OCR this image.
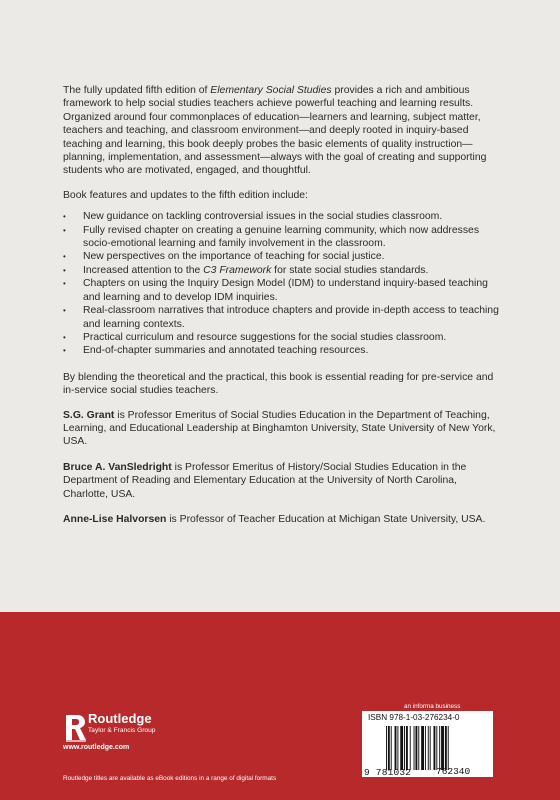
The fully updated fifth edition of Elementary Social Studies provides a rich and ambitious framework to help social studies teachers achieve powerful teaching and learning results. Organized around four commonplaces of education—learners and learning, subject matter, teachers and teaching, and classroom environment—and deeply rooted in inquiry-based teaching and learning, this book deeply probes the basic elements of quality instruction—planning, implementation, and assessment—always with the goal of creating and supporting students who are motivated, engaged, and thoughtful.

Book features and updates to the fifth edition include:

• New guidance on tackling controversial issues in the social studies classroom.
• Fully revised chapter on creating a genuine learning community, which now addresses socio-emotional learning and family involvement in the classroom.
• New perspectives on the importance of teaching for social justice.
• Increased attention to the C3 Framework for state social studies standards.
• Chapters on using the Inquiry Design Model (IDM) to understand inquiry-based teaching and learning and to develop IDM inquiries.
• Real-classroom narratives that introduce chapters and provide in-depth access to teaching and learning contexts.
• Practical curriculum and resource suggestions for the social studies classroom.
• End-of-chapter summaries and annotated teaching resources.

By blending the theoretical and the practical, this book is essential reading for pre-service and in-service social studies teachers.

S.G. Grant is Professor Emeritus of Social Studies Education in the Department of Teaching, Learning, and Educational Leadership at Binghamton University, State University of New York, USA.

Bruce A. VanSledright is Professor Emeritus of History/Social Studies Education in the Department of Reading and Elementary Education at the University of North Carolina, Charlotte, USA.

Anne-Lise Halvorsen is Professor of Teacher Education at Michigan State University, USA.

Routledge
Taylor & Francis Group
www.routledge.com
Routledge titles are available as eBook editions in a range of digital formats
an informa business
ISBN 978-1-03-276234-0
9 781032	762340
